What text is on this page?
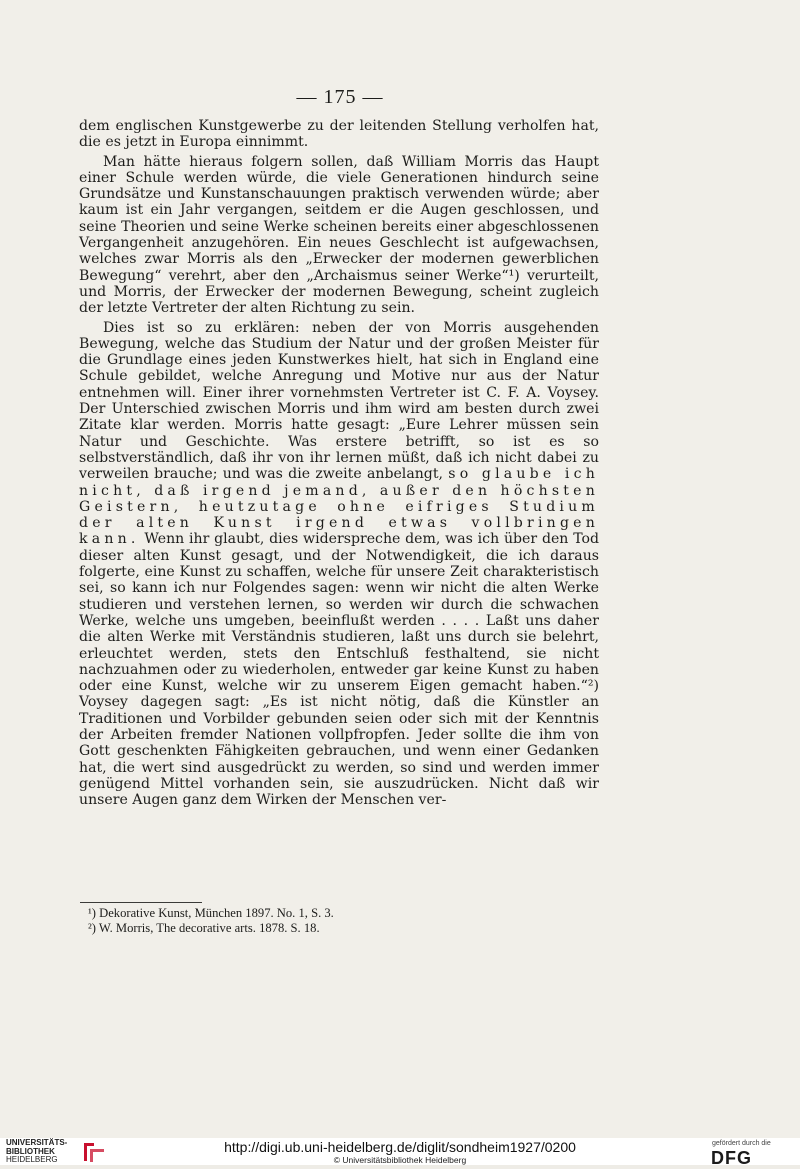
— 175 —

dem englischen Kunstgewerbe zu der leitenden Stellung verholfen hat, die es jetzt in Europa einnimmt.

Man hätte hieraus folgern sollen, daß William Morris das Haupt einer Schule werden würde, die viele Generationen hindurch seine Grundsätze und Kunstanschauungen praktisch verwenden würde; aber kaum ist ein Jahr vergangen, seitdem er die Augen geschlossen, und seine Theorien und seine Werke scheinen bereits einer abgeschlossenen Vergangenheit anzugehören. Ein neues Geschlecht ist aufgewachsen, welches zwar Morris als den „Erwecker der modernen gewerblichen Bewegung“ verehrt, aber den „Archaismus seiner Werke“¹) verurteilt, und Morris, der Erwecker der modernen Bewegung, scheint zugleich der letzte Vertreter der alten Richtung zu sein.

Dies ist so zu erklären: neben der von Morris ausgehenden Bewegung, welche das Studium der Natur und der großen Meister für die Grundlage eines jeden Kunstwerkes hielt, hat sich in England eine Schule gebildet, welche Anregung und Motive nur aus der Natur entnehmen will. Einer ihrer vornehmsten Vertreter ist C. F. A. Voysey. Der Unterschied zwischen Morris und ihm wird am besten durch zwei Zitate klar werden. Morris hatte gesagt: „Eure Lehrer müssen sein Natur und Geschichte. Was erstere betrifft, so ist es so selbstverständlich, daß ihr von ihr lernen müßt, daß ich nicht dabei zu verweilen brauche; und was die zweite anbelangt, so glaube ich nicht, daß irgend jemand, außer den höchsten Geistern, heutzutage ohne eifriges Studium der alten Kunst irgend etwas vollbringen kann. Wenn ihr glaubt, dies widerspreche dem, was ich über den Tod dieser alten Kunst gesagt, und der Notwendigkeit, die ich daraus folgerte, eine Kunst zu schaffen, welche für unsere Zeit charakteristisch sei, so kann ich nur Folgendes sagen: wenn wir nicht die alten Werke studieren und verstehen lernen, so werden wir durch die schwachen Werke, welche uns umgeben, beeinflußt werden . . . . Laßt uns daher die alten Werke mit Verständnis studieren, laßt uns durch sie belehrt, erleuchtet werden, stets den Entschluß festhaltend, sie nicht nachzuahmen oder zu wiederholen, entweder gar keine Kunst zu haben oder eine Kunst, welche wir zu unserem Eigen gemacht haben.“²) Voysey dagegen sagt: „Es ist nicht nötig, daß die Künstler an Traditionen und Vorbilder gebunden seien oder sich mit der Kenntnis der Arbeiten fremder Nationen vollpfropfen. Jeder sollte die ihm von Gott geschenkten Fähigkeiten gebrauchen, und wenn einer Gedanken hat, die wert sind ausgedrückt zu werden, so sind und werden immer genügend Mittel vorhanden sein, sie auszudrücken. Nicht daß wir unsere Augen ganz dem Wirken der Menschen ver-

¹) Dekorative Kunst, München 1897. No. 1, S. 3.
²) W. Morris, The decorative arts. 1878. S. 18.
UNIVERSITÄTS-
BIBLIOTHEK
HEIDELBERG
http://digi.ub.uni-heidelberg.de/diglit/sondheim1927/0200
© Universitätsbibliothek Heidelberg
gefördert durch die
DFG
